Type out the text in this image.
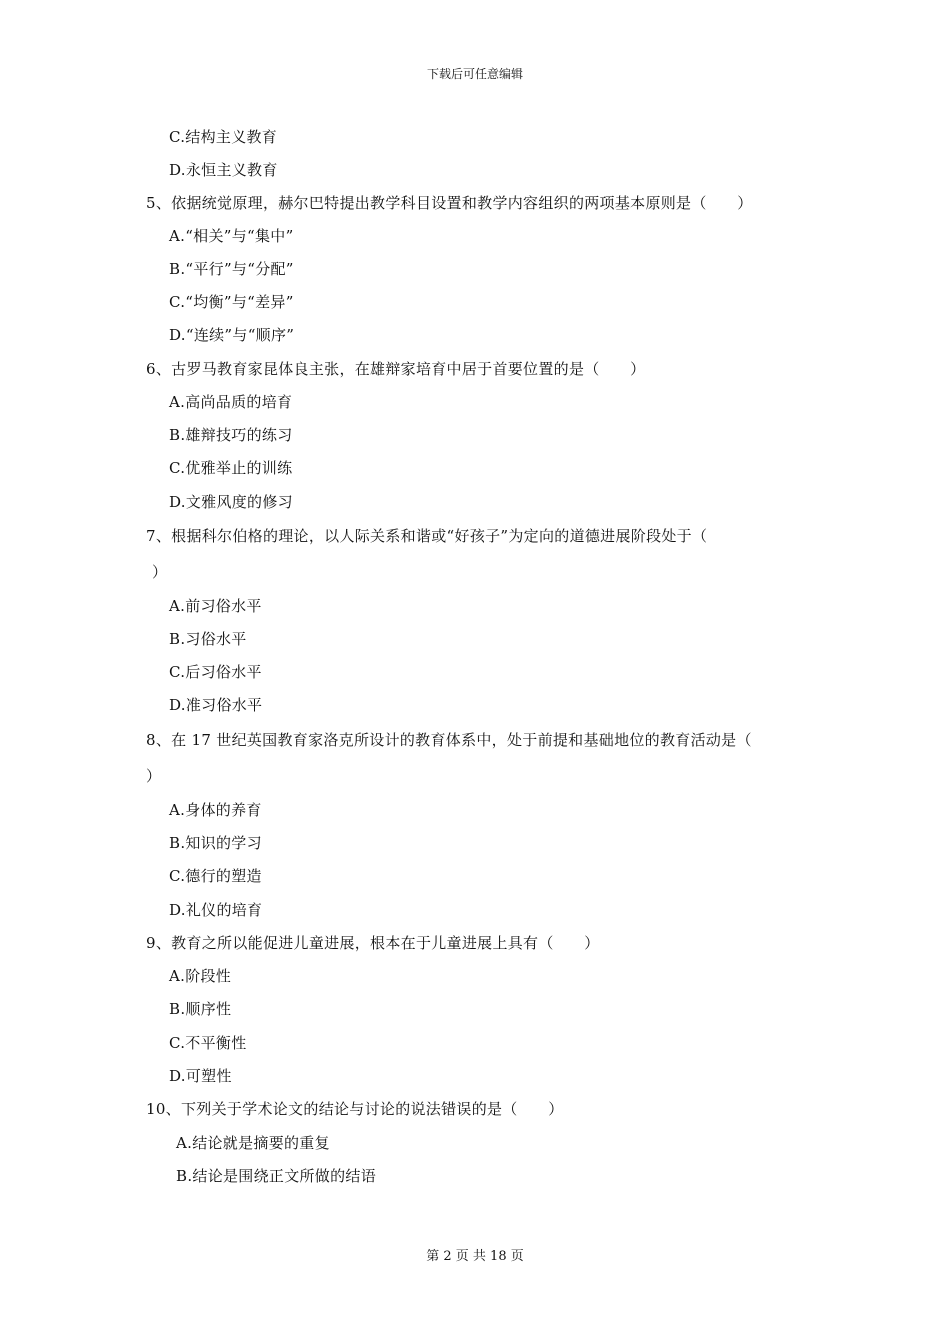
下载后可任意编辑
C.结构主义教育
D.永恒主义教育
5、依据统觉原理，赫尔巴特提出教学科目设置和教学内容组织的两项基本原则是（　　）
A.“相关”与“集中”
B.“平行”与“分配”
C.“均衡”与“差异”
D.“连续”与“顺序”
6、古罗马教育家昆体良主张，在雄辩家培育中居于首要位置的是（　　）
A.高尚品质的培育
B.雄辩技巧的练习
C.优雅举止的训练
D.文雅风度的修习
7、根据科尔伯格的理论，以人际关系和谐或“好孩子”为定向的道德进展阶段处于（
）
A.前习俗水平
B.习俗水平
C.后习俗水平
D.准习俗水平
8、在 17 世纪英国教育家洛克所设计的教育体系中，处于前提和基础地位的教育活动是（
）
A.身体的养育
B.知识的学习
C.德行的塑造
D.礼仪的培育
9、教育之所以能促进儿童进展，根本在于儿童进展上具有（　　）
A.阶段性
B.顺序性
C.不平衡性
D.可塑性
10、下列关于学术论文的结论与讨论的说法错误的是（　　）
A.结论就是摘要的重复
B.结论是围绕正文所做的结语
第 2 页 共 18 页
